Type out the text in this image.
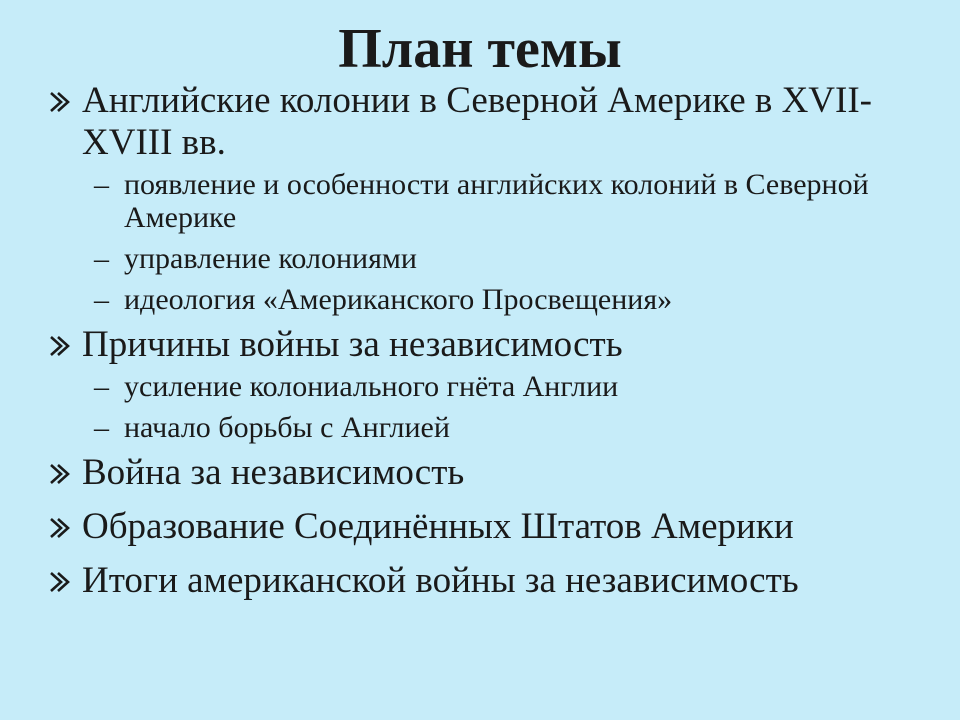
План темы
Английские колонии в Северной Америке в XVII-XVIII вв.
– появление и особенности английских колоний в Северной Америке
– управление колониями
– идеология «Американского Просвещения»
Причины войны за независимость
– усиление колониального гнёта Англии
– начало борьбы с Англией
Война за независимость
Образование Соединённых Штатов Америки
Итоги американской войны за независимость
